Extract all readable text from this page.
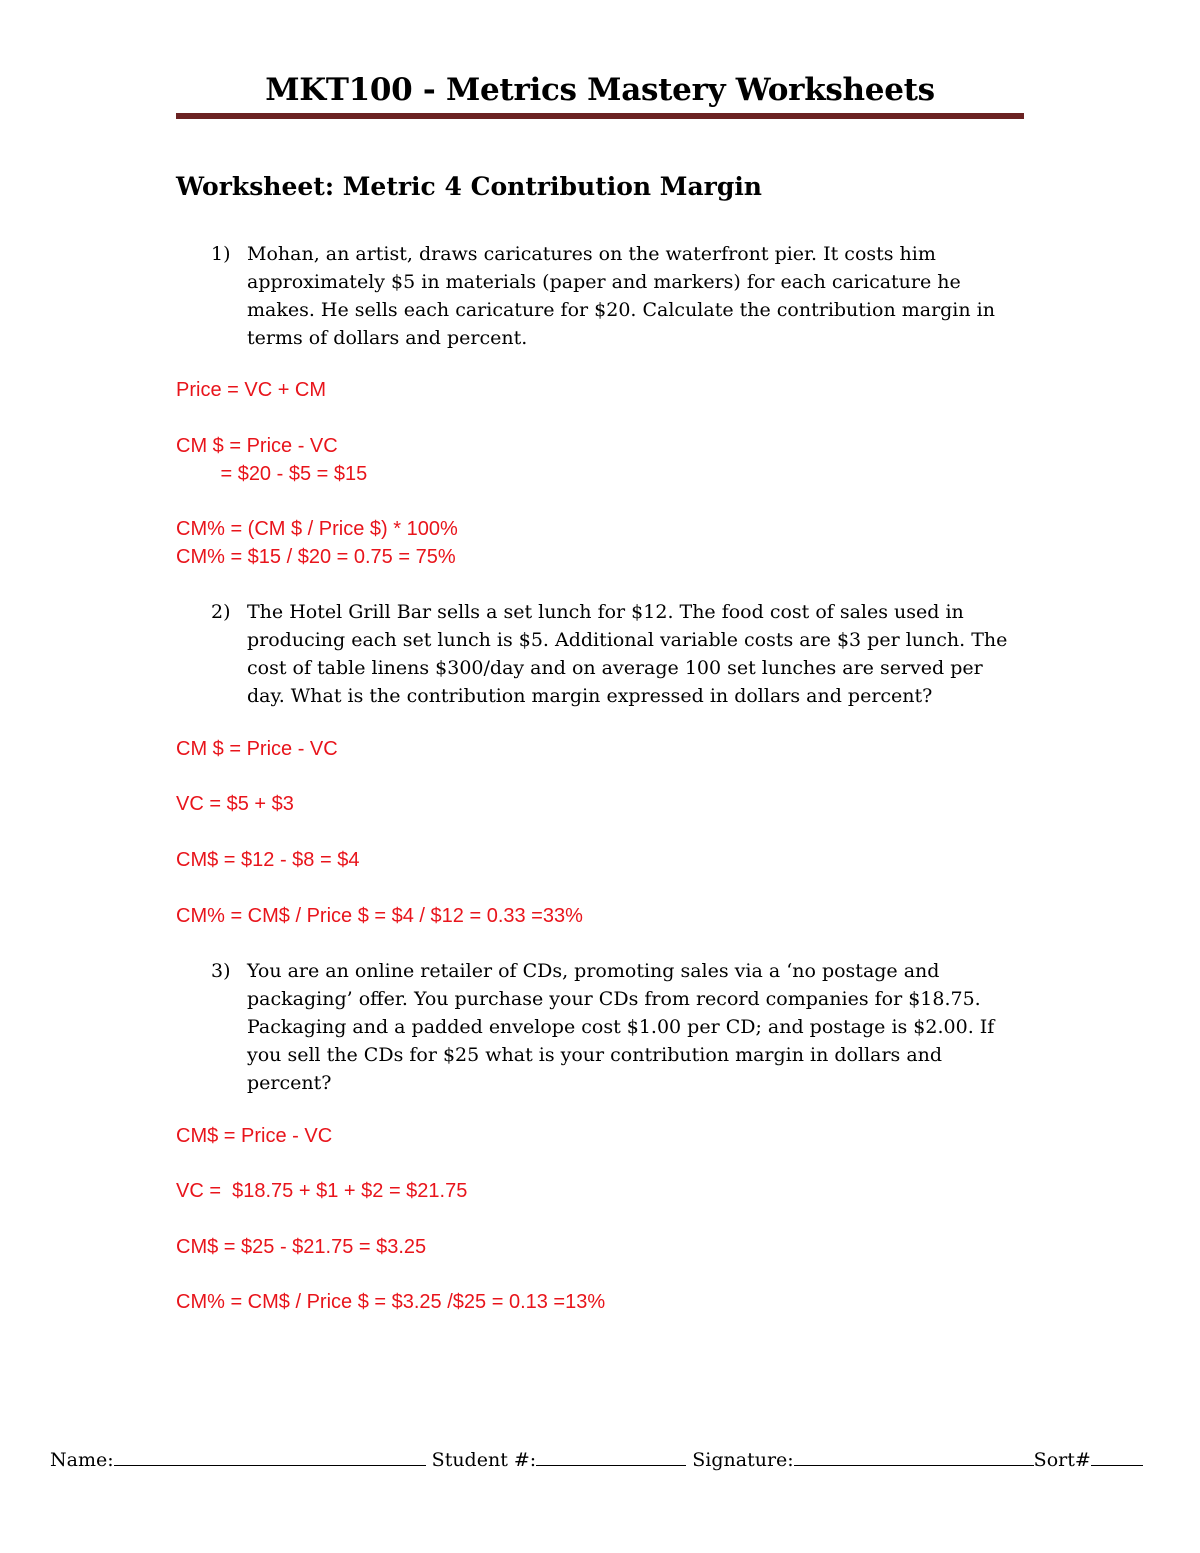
MKT100 - Metrics Mastery Worksheets
Worksheet: Metric 4 Contribution Margin
1) Mohan, an artist, draws caricatures on the waterfront pier. It costs him approximately $5 in materials (paper and markers) for each caricature he makes. He sells each caricature for $20. Calculate the contribution margin in terms of dollars and percent.
Price = VC + CM
CM $ = Price - VC
= $20 - $5 = $15
CM% = (CM $ / Price $) * 100%
CM% = $15 / $20 = 0.75 = 75%
2) The Hotel Grill Bar sells a set lunch for $12. The food cost of sales used in producing each set lunch is $5. Additional variable costs are $3 per lunch. The cost of table linens $300/day and on average 100 set lunches are served per day. What is the contribution margin expressed in dollars and percent?
CM $ = Price - VC
VC = $5 + $3
CM$ = $12 - $8 = $4
CM% = CM$ / Price $ = $4 / $12 = 0.33 =33%
3) You are an online retailer of CDs, promoting sales via a ‘no postage and packaging’ offer. You purchase your CDs from record companies for $18.75. Packaging and a padded envelope cost $1.00 per CD; and postage is $2.00. If you sell the CDs for $25 what is your contribution margin in dollars and percent?
CM$ = Price - VC
VC =  $18.75 + $1 + $2 = $21.75
CM$ = $25 - $21.75 = $3.25
CM% = CM$ / Price $ = $3.25 /$25 = 0.13 =13%
Name:	Student #:	Signature:	Sort#
